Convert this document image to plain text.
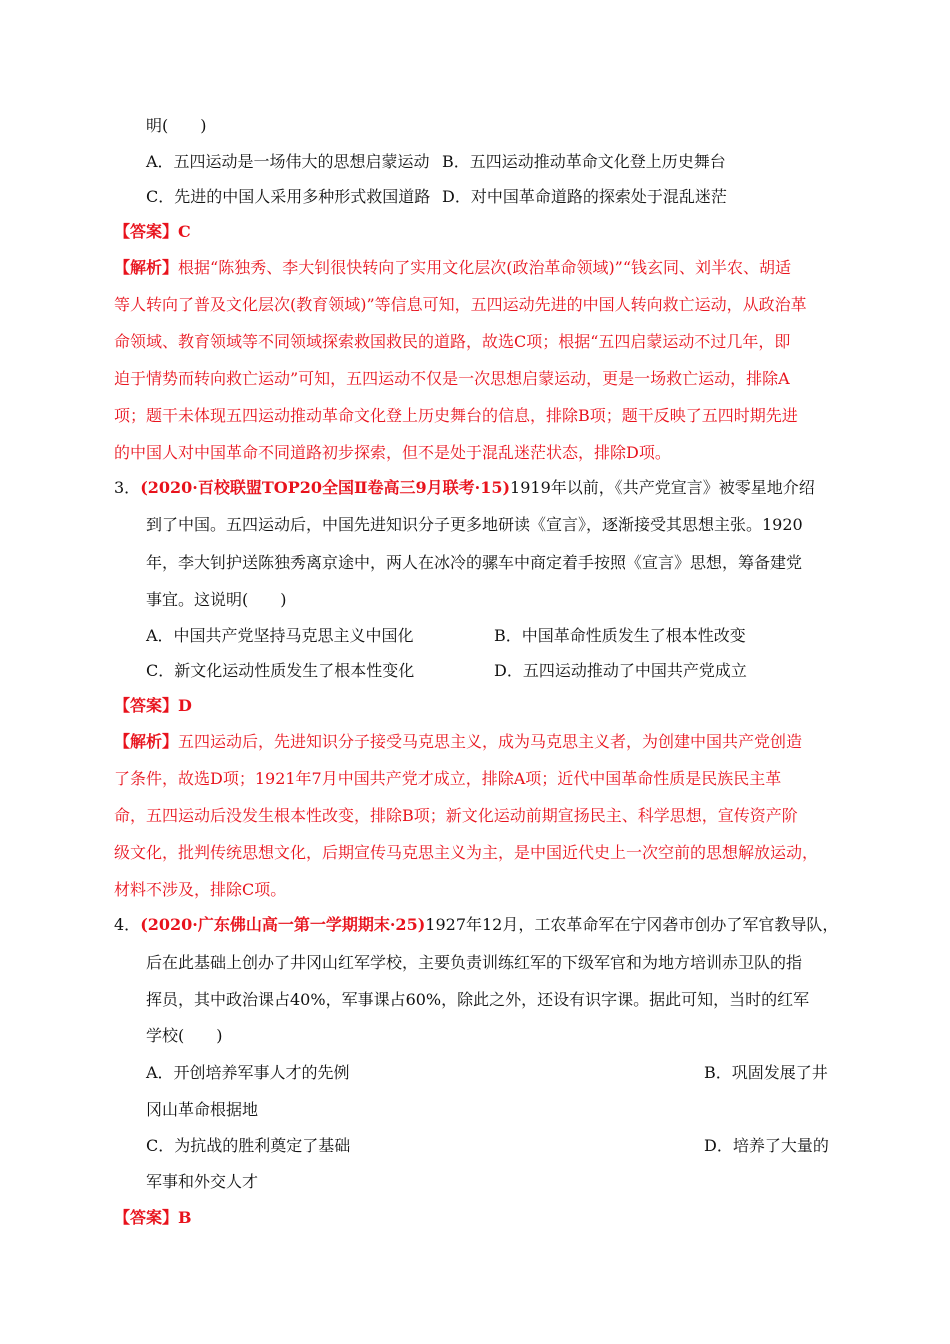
明(　　)
A．五四运动是一场伟大的思想启蒙运动 B．五四运动推动革命文化登上历史舞台
C．先进的中国人采用多种形式救国道路 D．对中国革命道路的探索处于混乱迷茫
【答案】C
【解析】根据“陈独秀、李大钊很快转向了实用文化层次(政治革命领域)”“钱玄同、刘半农、胡适
等人转向了普及文化层次(教育领域)”等信息可知，五四运动先进的中国人转向救亡运动，从政治革
命领域、教育领域等不同领域探索救国救民的道路，故选C项；根据“五四启蒙运动不过几年，即
迫于情势而转向救亡运动”可知，五四运动不仅是一次思想启蒙运动，更是一场救亡运动，排除A
项；题干未体现五四运动推动革命文化登上历史舞台的信息，排除B项；题干反映了五四时期先进
的中国人对中国革命不同道路初步探索，但不是处于混乱迷茫状态，排除D项。
3．(2020·百校联盟TOP20全国Ⅱ卷高三9月联考·15)1919年以前，《共产党宣言》被零星地介绍
到了中国。五四运动后，中国先进知识分子更多地研读《宣言》，逐渐接受其思想主张。1920
年，李大钊护送陈独秀离京途中，两人在冰冷的骡车中商定着手按照《宣言》思想，筹备建党
事宜。这说明(　　)
A．中国共产党坚持马克思主义中国化	B．中国革命性质发生了根本性改变
C．新文化运动性质发生了根本性变化	D．五四运动推动了中国共产党成立
【答案】D
【解析】五四运动后，先进知识分子接受马克思主义，成为马克思主义者，为创建中国共产党创造
了条件，故选D项；1921年7月中国共产党才成立，排除A项；近代中国革命性质是民族民主革
命，五四运动后没发生根本性改变，排除B项；新文化运动前期宣扬民主、科学思想，宣传资产阶
级文化，批判传统思想文化，后期宣传马克思主义为主，是中国近代史上一次空前的思想解放运动，
材料不涉及，排除C项。
4．(2020·广东佛山高一第一学期期末·25)1927年12月，工农革命军在宁冈砻市创办了军官教导队，
后在此基础上创办了井冈山红军学校，主要负责训练红军的下级军官和为地方培训赤卫队的指
挥员，其中政治课占40%，军事课占60%，除此之外，还设有识字课。据此可知，当时的红军
学校(　　)
A．开创培养军事人才的先例	B．巩固发展了井
冈山革命根据地
C．为抗战的胜利奠定了基础	D．培养了大量的
军事和外交人才
【答案】B
